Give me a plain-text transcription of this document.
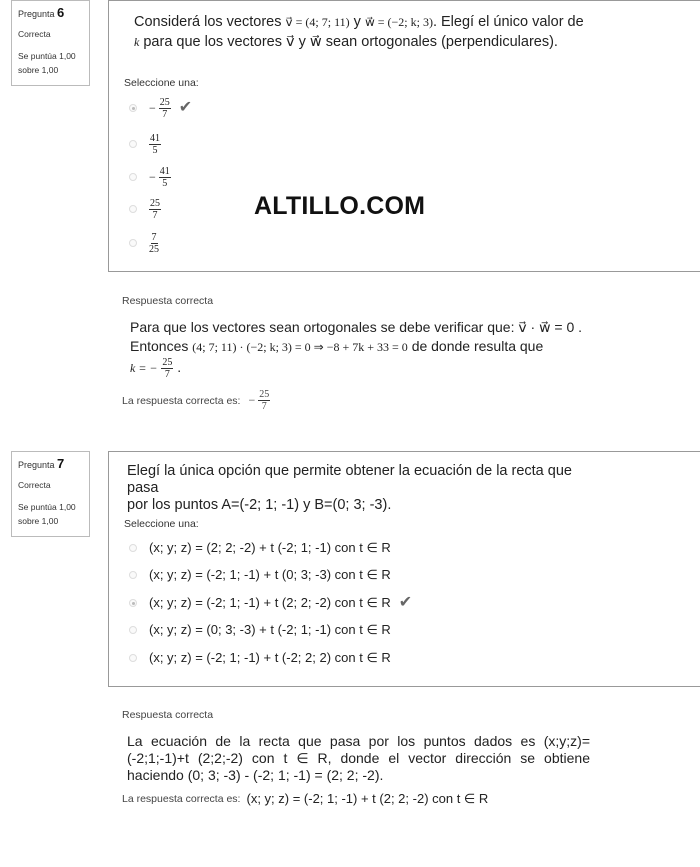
Pregunta 6
Correcta
Se puntúa 1,00 sobre 1,00
Considerá los vectores v⃗ = (4; 7; 11) y w⃗ = (−2; k; 3). Elegí el único valor de
k para que los vectores v⃗ y w⃗ sean ortogonales (perpendiculares).
Seleccione una:
− $\frac{25}{7}$ ✔
$\frac{41}{5}$
− $\frac{41}{5}$
$\frac{25}{7}$
$\frac{7}{25}$
ALTILLO.COM
Respuesta correcta
Para que los vectores sean ortogonales se debe verificar que: v⃗ · w⃗ = 0 .
Entonces (4; 7; 11) · (−2; k; 3) = 0 ⇒ −8 + 7k + 33 = 0 de donde resulta que
k = − $\frac{25}{7}$ .
La respuesta correcta es: − $\frac{25}{7}$
Pregunta 7
Correcta
Se puntúa 1,00 sobre 1,00
Elegí la única opción que permite obtener la ecuación de la recta que pasa
por los puntos A=(-2; 1; -1) y B=(0; 3; -3).
Seleccione una:
(x; y; z) = (2; 2; -2) + t (-2; 1; -1) con t ∈ R
(x; y; z) = (-2; 1; -1) + t (0; 3; -3) con t ∈ R
(x; y; z) = (-2; 1; -1) + t (2; 2; -2) con t ∈ R ✔
(x; y; z) = (0; 3; -3) + t (-2; 1; -1) con t ∈ R
(x; y; z) = (-2; 1; -1) + t (-2; 2; 2) con t ∈ R
Respuesta correcta
La ecuación de la recta que pasa por los puntos dados es (x;y;z)=(-2;1;-1)+t (2;2;-2) con t ∈ R, donde el vector dirección se obtiene haciendo (0; 3; -3) - (-2; 1; -1) = (2; 2; -2).
La respuesta correcta es: (x; y; z) = (-2; 1; -1) + t (2; 2; -2) con t ∈ R
